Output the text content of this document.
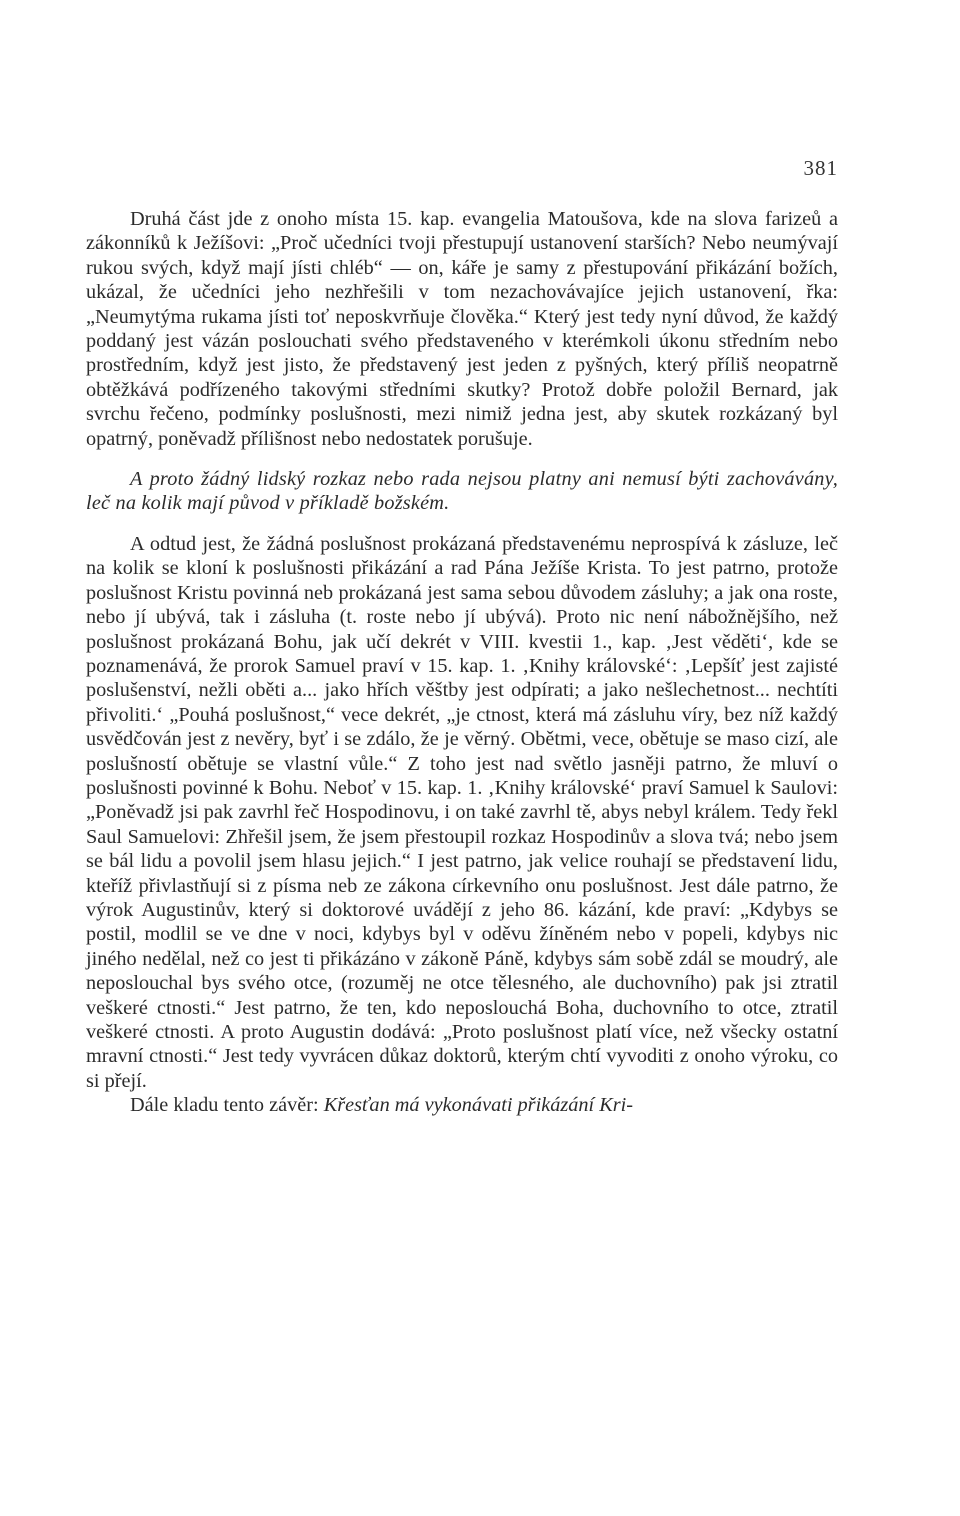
381

Druhá část jde z onoho místa 15. kap. evangelia Matoušova, kde na slova farizeů a zákonníků k Ježíšovi: „Proč učedníci tvoji přestupují ustanovení starších? Nebo neumývají rukou svých, když mají jísti chléb“ — on, káře je samy z přestupování přikázání božích, ukázal, že učedníci jeho nezhřešili v tom nezachovávajíce jejich ustanovení, řka: „Neumytýma rukama jísti toť neposkvrňuje člověka.“ Který jest tedy nyní důvod, že každý poddaný jest vázán poslouchati svého představeného v kterémkoli úkonu středním nebo prostředním, když jest jisto, že představený jest jeden z pyšných, který příliš neopatrně obtěžkává podřízeného takovými středními skutky? Protož dobře položil Bernard, jak svrchu řečeno, podmínky poslušnosti, mezi nimiž jedna jest, aby skutek rozkázaný byl opatrný, poněvadž přílišnost nebo nedostatek porušuje.

A proto žádný lidský rozkaz nebo rada nejsou platny ani nemusí býti zachovávány, leč na kolik mají původ v příkladě božském.

A odtud jest, že žádná poslušnost prokázaná představenému neprospívá k zásluze, leč na kolik se kloní k poslušnosti přikázání a rad Pána Ježíše Krista. To jest patrno, protože poslušnost Kristu povinná neb prokázaná jest sama sebou důvodem zásluhy; a jak ona roste, nebo jí ubývá, tak i zásluha (t. roste nebo jí ubývá). Proto nic není nábožnějšího, než poslušnost prokázaná Bohu, jak učí dekrét v VIII. kvestii 1., kap. ‚Jest věděti‘, kde se poznamenává, že prorok Samuel praví v 15. kap. 1. ‚Knihy královské‘: ‚Lepšíť jest zajisté poslušenství, nežli oběti a... jako hřích věštby jest odpírati; a jako nešlechetnost... nechtíti přivoliti.‘ „Pouhá poslušnost,“ vece dekrét, „je ctnost, která má zásluhu víry, bez níž každý usvědčován jest z nevěry, byť i se zdálo, že je věrný. Obětmi, vece, obětuje se maso cizí, ale poslušností obětuje se vlastní vůle.“ Z toho jest nad světlo jasněji patrno, že mluví o poslušnosti povinné k Bohu. Neboť v 15. kap. 1. ‚Knihy královské‘ praví Samuel k Saulovi: „Poněvadž jsi pak zavrhl řeč Hospodinovu, i on také zavrhl tě, abys nebyl králem. Tedy řekl Saul Samuelovi: Zhřešil jsem, že jsem přestoupil rozkaz Hospodinův a slova tvá; nebo jsem se bál lidu a povolil jsem hlasu jejich.“ I jest patrno, jak velice rouhají se představení lidu, kteříž přivlastňují si z písma neb ze zákona církevního onu poslušnost. Jest dále patrno, že výrok Augustinův, který si doktorové uvádějí z jeho 86. kázání, kde praví: „Kdybys se postil, modlil se ve dne v noci, kdybys byl v oděvu žíněném nebo v popeli, kdybys nic jiného nedělal, než co jest ti přikázáno v zákoně Páně, kdybys sám sobě zdál se moudrý, ale neposlouchal bys svého otce, (rozuměj ne otce tělesného, ale duchovního) pak jsi ztratil veškeré ctnosti.“ Jest patrno, že ten, kdo neposlouchá Boha, duchovního to otce, ztratil veškeré ctnosti. A proto Augustin dodává: „Proto poslušnost platí více, než všecky ostatní mravní ctnosti.“ Jest tedy vyvrácen důkaz doktorů, kterým chtí vyvoditi z onoho výroku, co si přejí.

Dále kladu tento závěr: Křesťan má vykonávati přikázání Kri-
